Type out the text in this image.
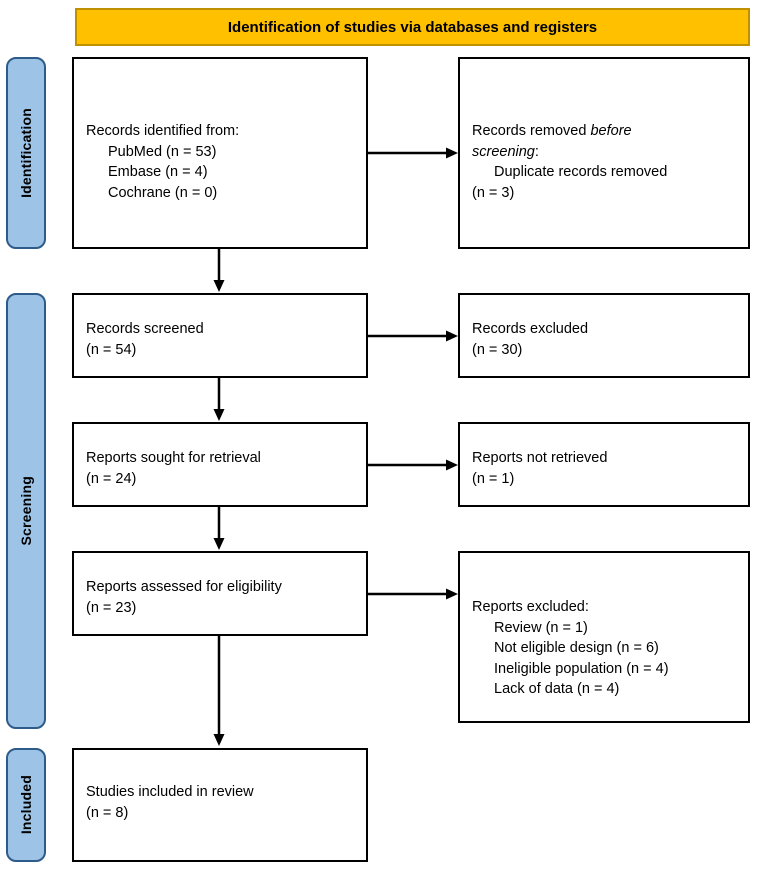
Identification of studies via databases and registers
Identification
Screening
Included
Records identified from:
PubMed (n = 53)
Embase (n = 4)
Cochrane (n = 0)
Records removed before
screening:
Duplicate records removed
(n = 3)
Records screened
(n = 54)
Records excluded
(n = 30)
Reports sought for retrieval
(n = 24)
Reports not retrieved
(n = 1)
Reports assessed for eligibility
(n = 23)	Reports excluded:
Review (n = 1)
Not eligible design (n = 6)
Ineligible population (n = 4)
Lack of data (n = 4)
Studies included in review
(n = 8)
